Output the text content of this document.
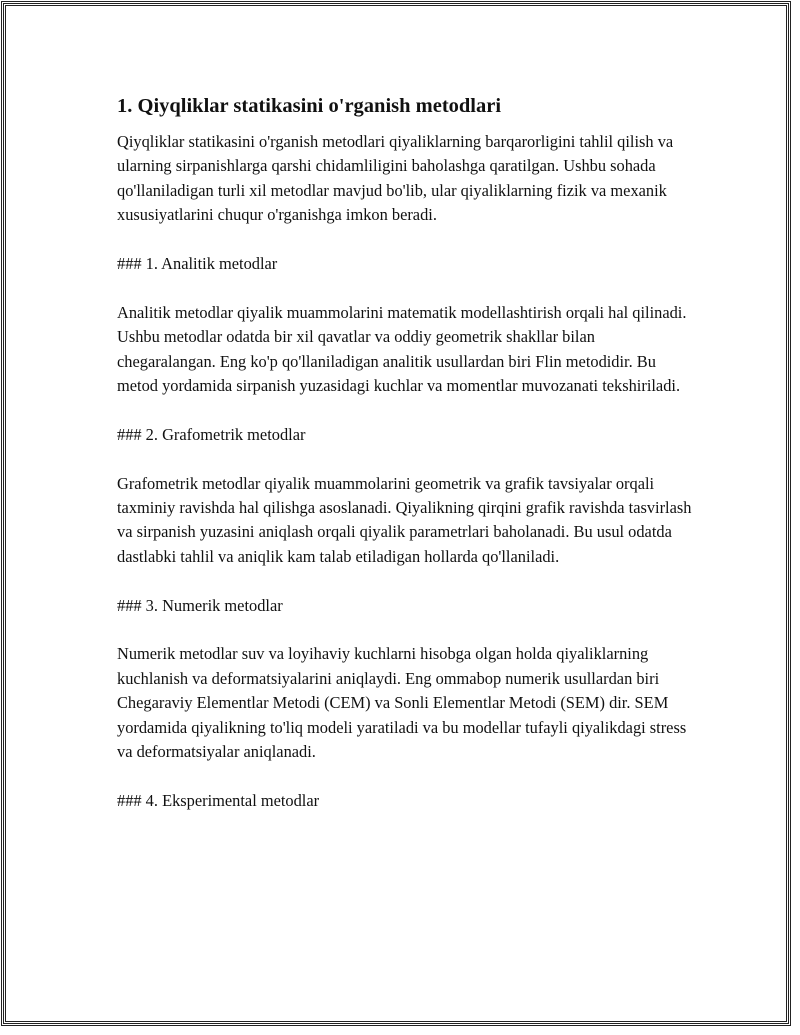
1. Qiyqliklar statikasini o'rganish metodlari

Qiyqliklar statikasini o'rganish metodlari qiyaliklarning barqarorligini tahlil qilish va ularning sirpanishlarga qarshi chidamliligini baholashga qaratilgan. Ushbu sohada qo'llaniladigan turli xil metodlar mavjud bo'lib, ular qiyaliklarning fizik va mexanik xususiyatlarini chuqur o'rganishga imkon beradi.

### 1. Analitik metodlar

Analitik metodlar qiyalik muammolarini matematik modellashtirish orqali hal qilinadi. Ushbu metodlar odatda bir xil qavatlar va oddiy geometrik shakllar bilan chegaralangan. Eng ko'p qo'llaniladigan analitik usullardan biri Flin metodidir. Bu metod yordamida sirpanish yuzasidagi kuchlar va momentlar muvozanati tekshiriladi.

### 2. Grafometrik metodlar

Grafometrik metodlar qiyalik muammolarini geometrik va grafik tavsiyalar orqali taxminiy ravishda hal qilishga asoslanadi. Qiyalikning qirqini grafik ravishda tasvirlash va sirpanish yuzasini aniqlash orqali qiyalik parametrlari baholanadi. Bu usul odatda dastlabki tahlil va aniqlik kam talab etiladigan hollarda qo'llaniladi.

### 3. Numerik metodlar

Numerik metodlar suv va loyihaviy kuchlarni hisobga olgan holda qiyaliklarning kuchlanish va deformatsiyalarini aniqlaydi. Eng ommabop numerik usullardan biri Chegaraviy Elementlar Metodi (CEM) va Sonli Elementlar Metodi (SEM) dir. SEM yordamida qiyalikning to'liq modeli yaratiladi va bu modellar tufayli qiyalikdagi stress va deformatsiyalar aniqlanadi.

### 4. Eksperimental metodlar
